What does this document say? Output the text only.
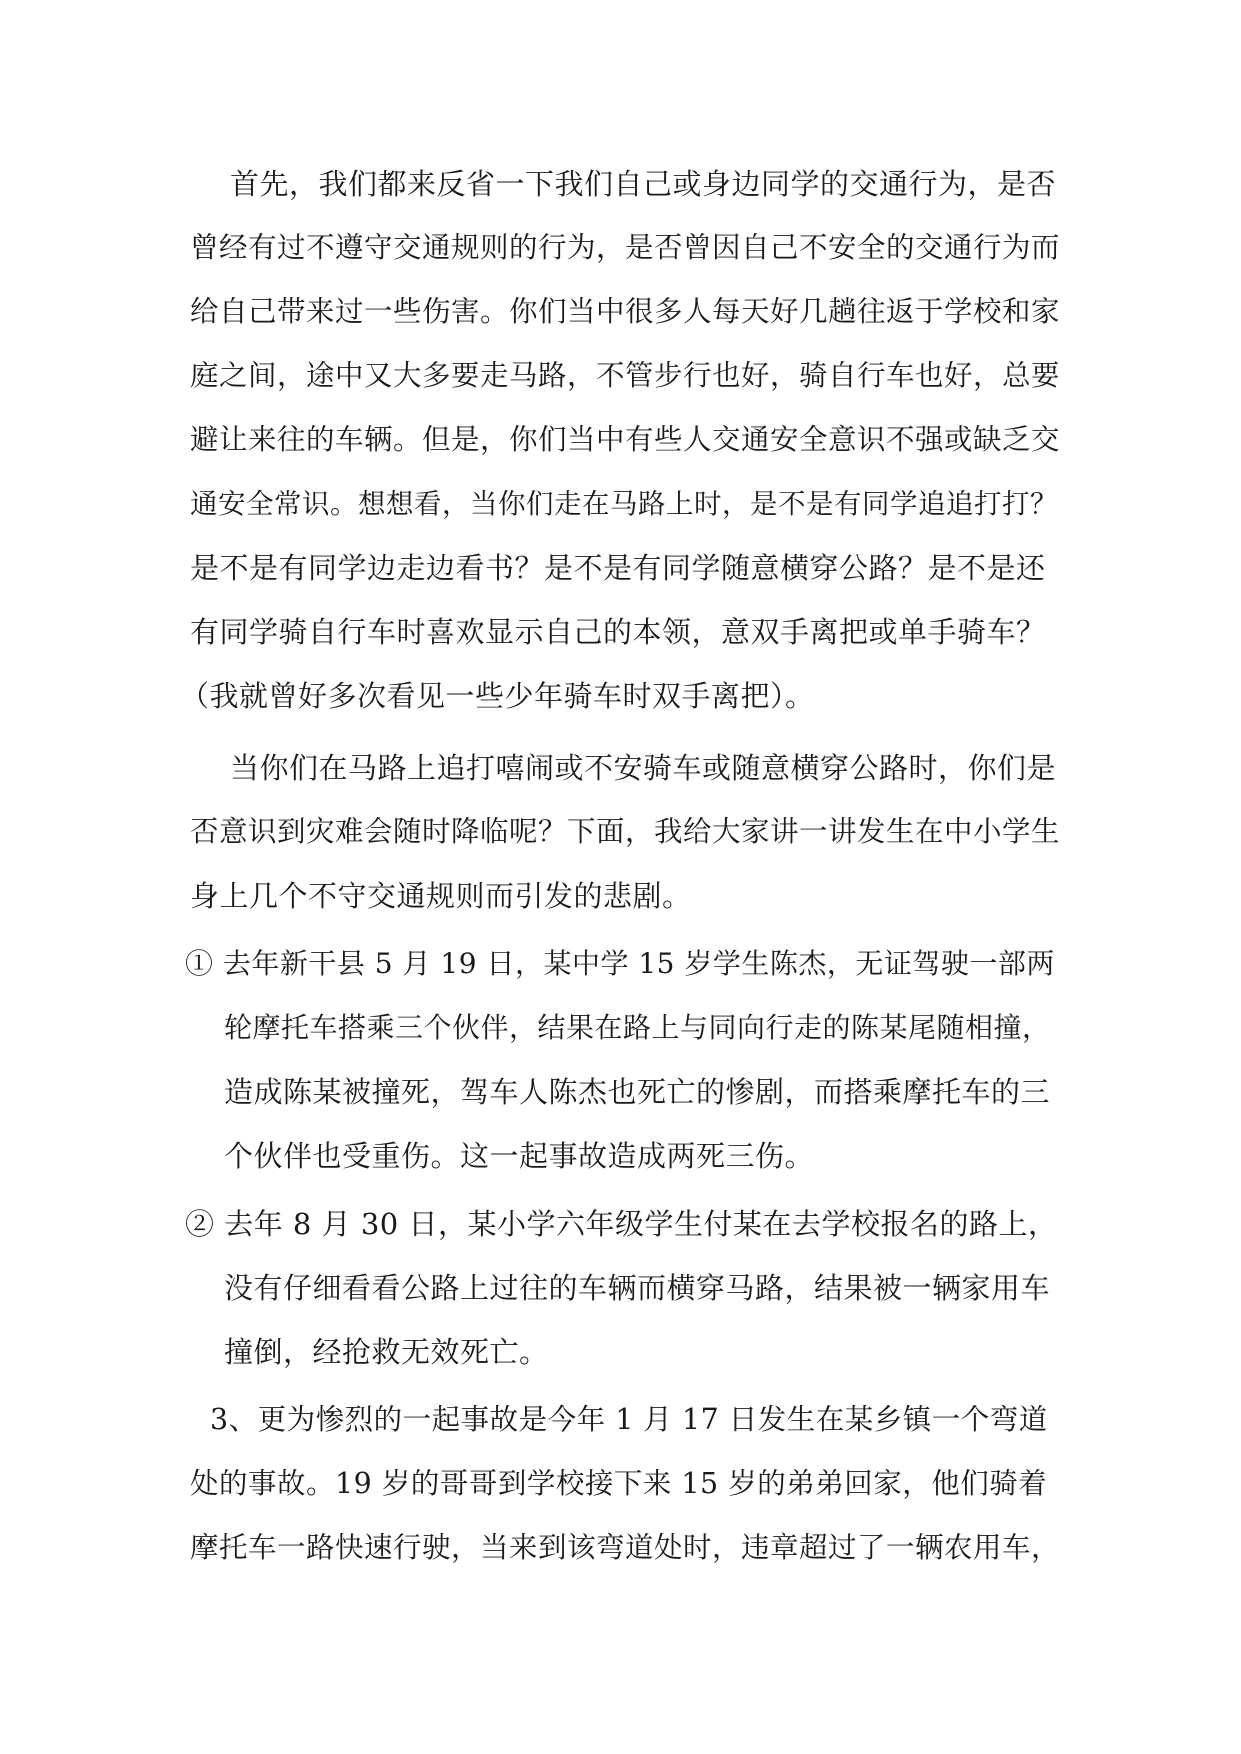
首先，我们都来反省一下我们自己或身边同学的交通行为，是否
曾经有过不遵守交通规则的行为，是否曾因自己不安全的交通行为而
给自己带来过一些伤害。你们当中很多人每天好几趟往返于学校和家
庭之间，途中又大多要走马路，不管步行也好，骑自行车也好，总要
避让来往的车辆。但是，你们当中有些人交通安全意识不强或缺乏交
通安全常识。想想看，当你们走在马路上时，是不是有同学追追打打？
是不是有同学边走边看书？是不是有同学随意横穿公路？是不是还
有同学骑自行车时喜欢显示自己的本领，意双手离把或单手骑车？
（我就曾好多次看见一些少年骑车时双手离把）。
当你们在马路上追打嘻闹或不安骑车或随意横穿公路时，你们是
否意识到灾难会随时降临呢？下面，我给大家讲一讲发生在中小学生
身上几个不守交通规则而引发的悲剧。
① 去年新干县 5 月 19 日，某中学 15 岁学生陈杰，无证驾驶一部两
轮摩托车搭乘三个伙伴，结果在路上与同向行走的陈某尾随相撞，
造成陈某被撞死，驾车人陈杰也死亡的惨剧，而搭乘摩托车的三
个伙伴也受重伤。这一起事故造成两死三伤。
② 去年 8 月 30 日，某小学六年级学生付某在去学校报名的路上，
没有仔细看看公路上过往的车辆而横穿马路，结果被一辆家用车
撞倒，经抢救无效死亡。
3、更为惨烈的一起事故是今年 1 月 17 日发生在某乡镇一个弯道
处的事故。19 岁的哥哥到学校接下来 15 岁的弟弟回家，他们骑着
摩托车一路快速行驶，当来到该弯道处时，违章超过了一辆农用车，
